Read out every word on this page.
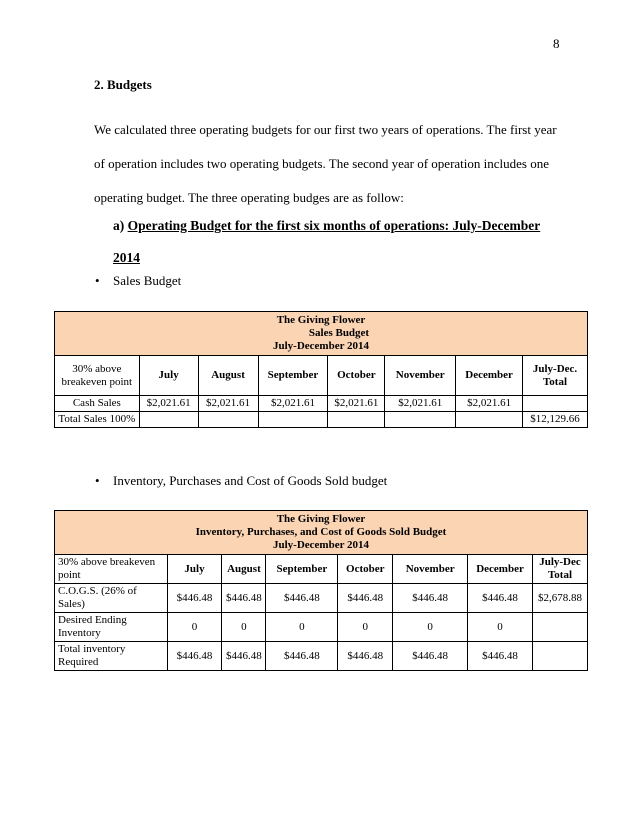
8
2. Budgets
We calculated three operating budgets for our first two years of operations. The first year of operation includes two operating budgets. The second year of operation includes one operating budget. The three operating budges are as follow:
a) Operating Budget for the first six months of operations: July-December 2014
• Sales Budget
The Giving Flower
Sales Budget
July-December 2014							

30% above breakeven point	July	August	September	October	November	December	July-Dec. Total
Cash Sales	$2,021.61	$2,021.61	$2,021.61	$2,021.61	$2,021.61	$2,021.61	
Total Sales 100%							$12,129.66
• Inventory, Purchases and Cost of Goods Sold budget
The Giving Flower
Inventory, Purchases, and Cost of Goods Sold Budget
July-December 2014							

30% above breakeven point	July	August	September	October	November	December	July-Dec Total
C.O.G.S. (26% of Sales)	$446.48	$446.48	$446.48	$446.48	$446.48	$446.48	$2,678.88
Desired Ending Inventory	0	0	0	0	0	0	
Total inventory Required	$446.48	$446.48	$446.48	$446.48	$446.48	$446.48	
